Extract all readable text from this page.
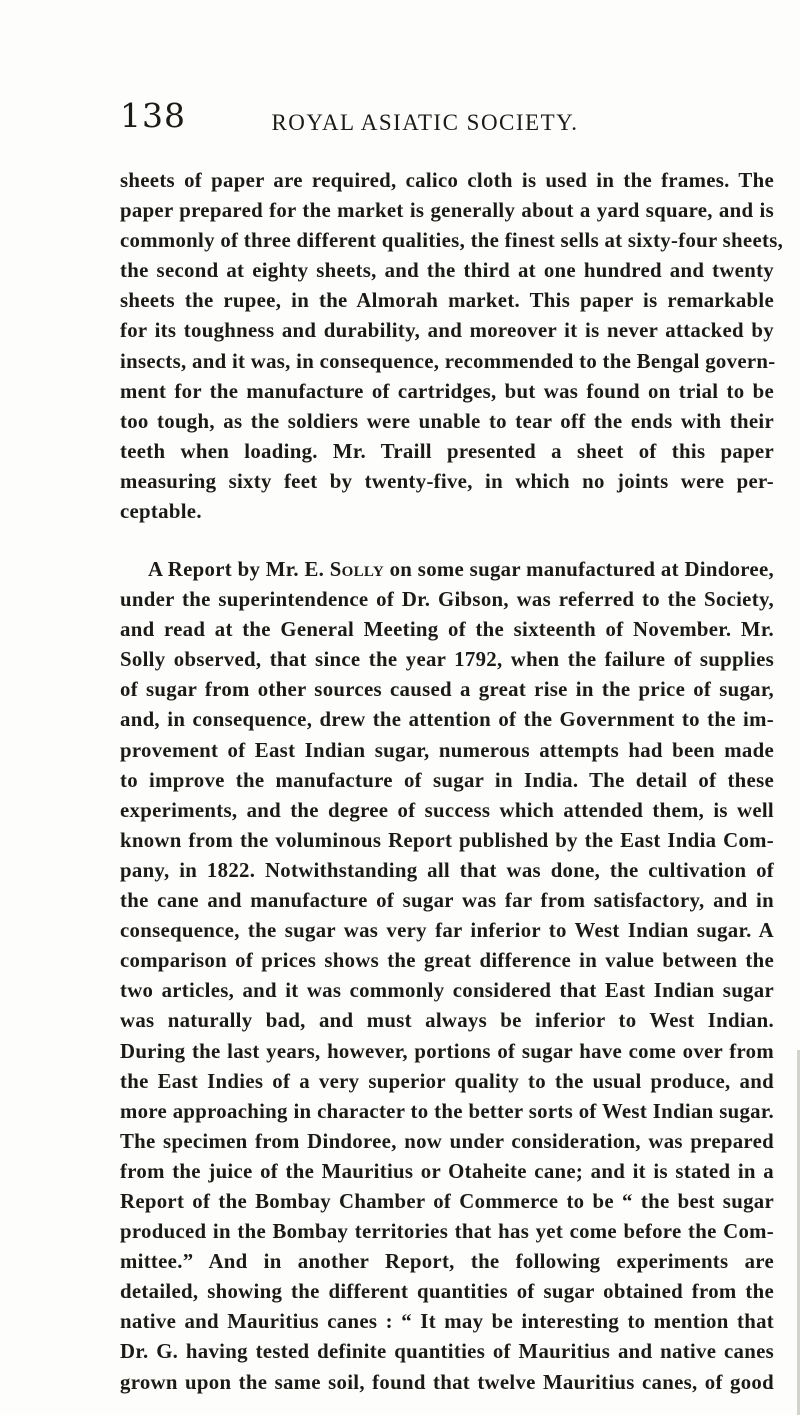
138	ROYAL ASIATIC SOCIETY.
sheets of paper are required, calico cloth is used in the frames. The
paper prepared for the market is generally about a yard square, and is
commonly of three different qualities, the finest sells at sixty-four sheets,
the second at eighty sheets, and the third at one hundred and twenty
sheets the rupee, in the Almorah market. This paper is remarkable
for its toughness and durability, and moreover it is never attacked by
insects, and it was, in consequence, recommended to the Bengal govern-
ment for the manufacture of cartridges, but was found on trial to be
too tough, as the soldiers were unable to tear off the ends with their
teeth when loading. Mr. Traill presented a sheet of this paper
measuring sixty feet by twenty-five, in which no joints were per-
ceptable.
A Report by Mr. E. Solly on some sugar manufactured at Dindoree,
under the superintendence of Dr. Gibson, was referred to the Society,
and read at the General Meeting of the sixteenth of November. Mr.
Solly observed, that since the year 1792, when the failure of supplies
of sugar from other sources caused a great rise in the price of sugar,
and, in consequence, drew the attention of the Government to the im-
provement of East Indian sugar, numerous attempts had been made
to improve the manufacture of sugar in India. The detail of these
experiments, and the degree of success which attended them, is well
known from the voluminous Report published by the East India Com-
pany, in 1822. Notwithstanding all that was done, the cultivation of
the cane and manufacture of sugar was far from satisfactory, and in
consequence, the sugar was very far inferior to West Indian sugar. A
comparison of prices shows the great difference in value between the
two articles, and it was commonly considered that East Indian sugar
was naturally bad, and must always be inferior to West Indian.
During the last years, however, portions of sugar have come over from
the East Indies of a very superior quality to the usual produce, and
more approaching in character to the better sorts of West Indian sugar.
The specimen from Dindoree, now under consideration, was prepared
from the juice of the Mauritius or Otaheite cane; and it is stated in a
Report of the Bombay Chamber of Commerce to be “ the best sugar
produced in the Bombay territories that has yet come before the Com-
mittee.” And in another Report, the following experiments are
detailed, showing the different quantities of sugar obtained from the
native and Mauritius canes : “ It may be interesting to mention that
Dr. G. having tested definite quantities of Mauritius and native canes
grown upon the same soil, found that twelve Mauritius canes, of good
